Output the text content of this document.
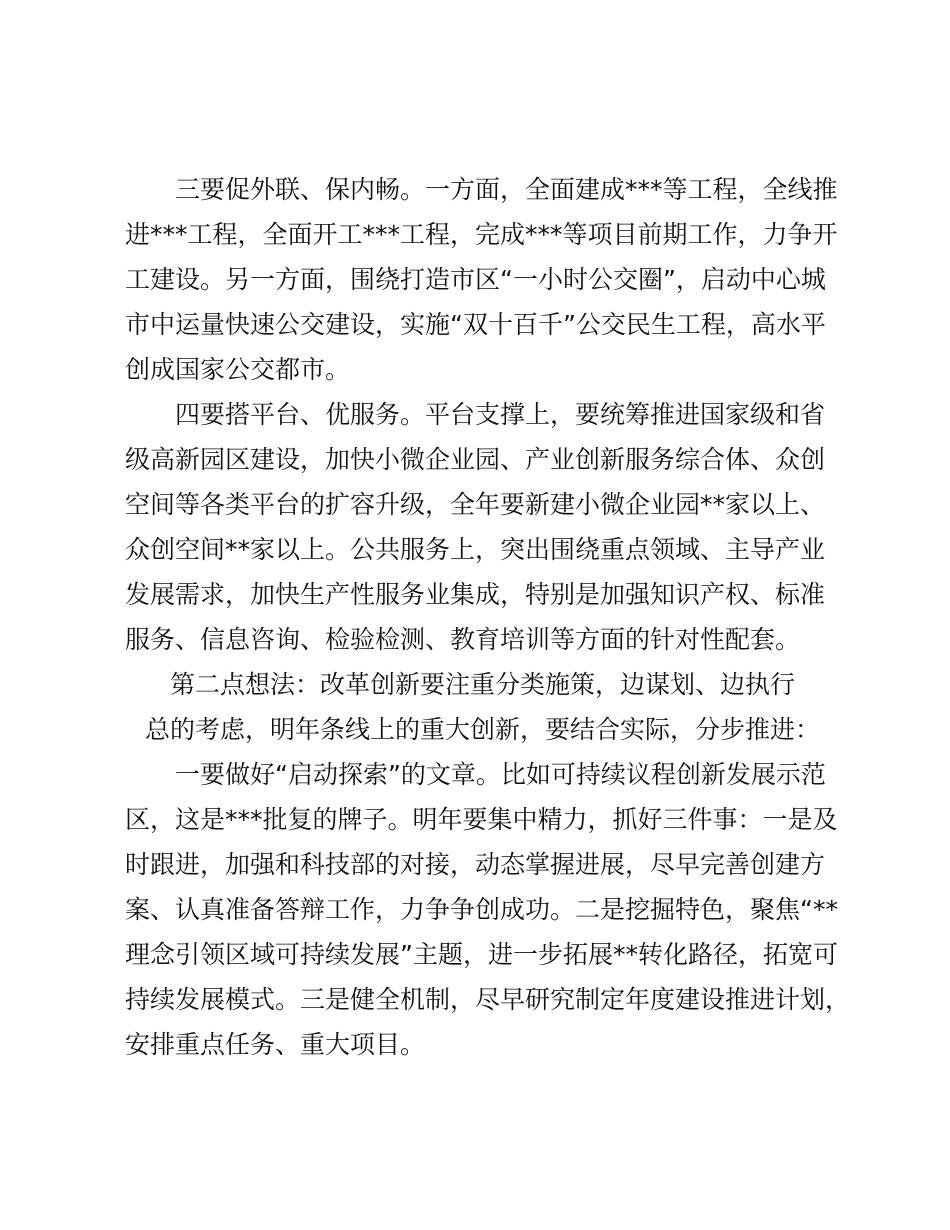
三要促外联、保内畅。一方面，全面建成***等工程，全线推
进***工程，全面开工***工程，完成***等项目前期工作，力争开
工建设。另一方面，围绕打造市区“一小时公交圈”，启动中心城
市中运量快速公交建设，实施“双十百千”公交民生工程，高水平
创成国家公交都市。
四要搭平台、优服务。平台支撑上，要统筹推进国家级和省
级高新园区建设，加快小微企业园、产业创新服务综合体、众创
空间等各类平台的扩容升级，全年要新建小微企业园**家以上、
众创空间**家以上。公共服务上，突出围绕重点领域、主导产业
发展需求，加快生产性服务业集成，特别是加强知识产权、标准
服务、信息咨询、检验检测、教育培训等方面的针对性配套。
第二点想法：改革创新要注重分类施策，边谋划、边执行
总的考虑，明年条线上的重大创新，要结合实际，分步推进：
一要做好“启动探索”的文章。比如可持续议程创新发展示范
区，这是***批复的牌子。明年要集中精力，抓好三件事：一是及
时跟进，加强和科技部的对接，动态掌握进展，尽早完善创建方
案、认真准备答辩工作，力争争创成功。二是挖掘特色，聚焦“**
理念引领区域可持续发展”主题，进一步拓展**转化路径，拓宽可
持续发展模式。三是健全机制，尽早研究制定年度建设推进计划，
安排重点任务、重大项目。
